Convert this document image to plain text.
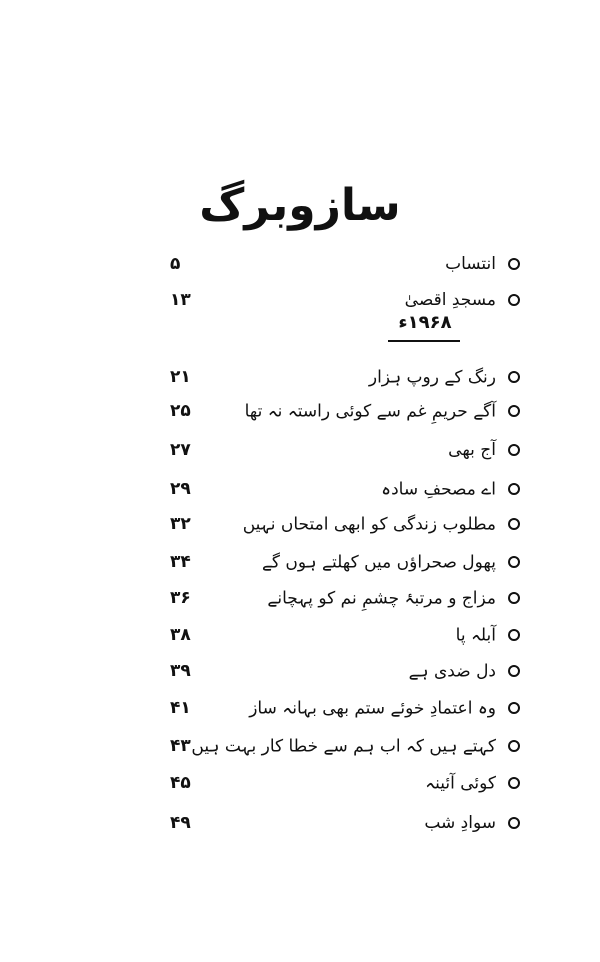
سازوبرگ
انتساب
۵
مسجدِ اقصیٰ
۱۳
۱۹۶۸ء
رنگ کے روپ ہزار
۲۱
آگے حریمِ غم سے کوئی راستہ نہ تھا
۲۵
آج بھی
۲۷
اے مصحفِ سادہ
۲۹
مطلوب زندگی کو ابھی امتحاں نہیں
۳۲
پھول صحراؤں میں کھلتے ہوں گے
۳۴
مزاج و مرتبۂ چشمِ نم کو پہچانے
۳۶
آبلہ پا
۳۸
دل ضدی ہے
۳۹
وہ اعتمادِ خوئے ستم بھی بہانہ ساز
۴۱
کہتے ہیں کہ اب ہم سے خطا کار بہت ہیں
۴۳
کوئی آئینہ
۴۵
سوادِ شب
۴۹
